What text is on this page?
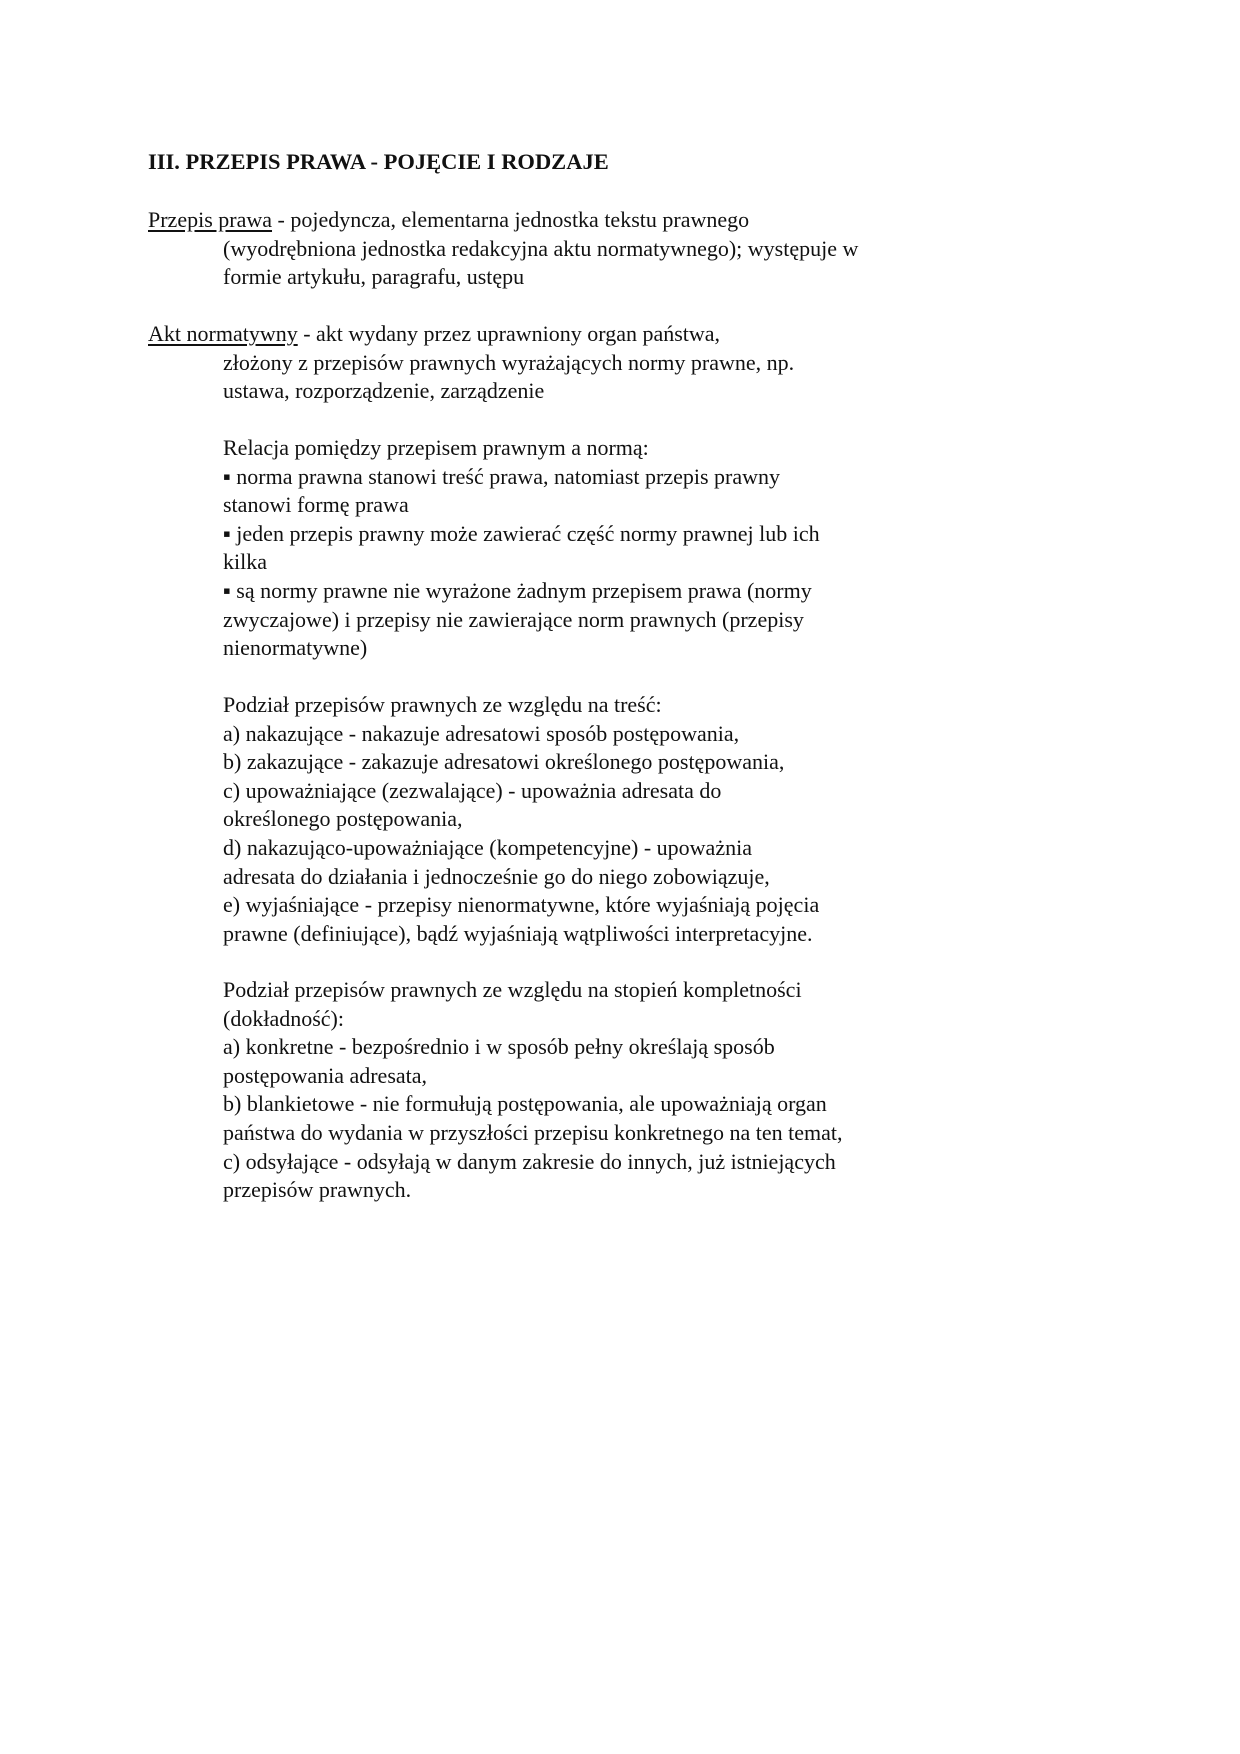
III. PRZEPIS PRAWA - POJĘCIE I RODZAJE
Przepis prawa - pojedyncza, elementarna jednostka tekstu prawnego
(wyodrębniona jednostka redakcyjna aktu normatywnego); występuje w
formie artykułu, paragrafu, ustępu
Akt normatywny - akt wydany przez uprawniony organ państwa,
złożony z przepisów prawnych wyrażających normy prawne, np.
ustawa, rozporządzenie, zarządzenie
Relacja pomiędzy przepisem prawnym a normą:
▪ norma prawna stanowi treść prawa, natomiast przepis prawny
stanowi formę prawa
▪ jeden przepis prawny może zawierać część normy prawnej lub ich
kilka
▪ są normy prawne nie wyrażone żadnym przepisem prawa (normy
zwyczajowe) i przepisy nie zawierające norm prawnych (przepisy
nienormatywne)
Podział przepisów prawnych ze względu na treść:
a) nakazujące - nakazuje adresatowi sposób postępowania,
b) zakazujące - zakazuje adresatowi określonego postępowania,
c) upoważniające (zezwalające) - upoważnia adresata do
określonego postępowania,
d) nakazująco-upoważniające (kompetencyjne) - upoważnia
adresata do działania i jednocześnie go do niego zobowiązuje,
e) wyjaśniające - przepisy nienormatywne, które wyjaśniają pojęcia
prawne (definiujące), bądź wyjaśniają wątpliwości interpretacyjne.
Podział przepisów prawnych ze względu na stopień kompletności
(dokładność):
a) konkretne - bezpośrednio i w sposób pełny określają sposób
postępowania adresata,
b) blankietowe - nie formułują postępowania, ale upoważniają organ
państwa do wydania w przyszłości przepisu konkretnego na ten temat,
c) odsyłające - odsyłają w danym zakresie do innych, już istniejących
przepisów prawnych.
